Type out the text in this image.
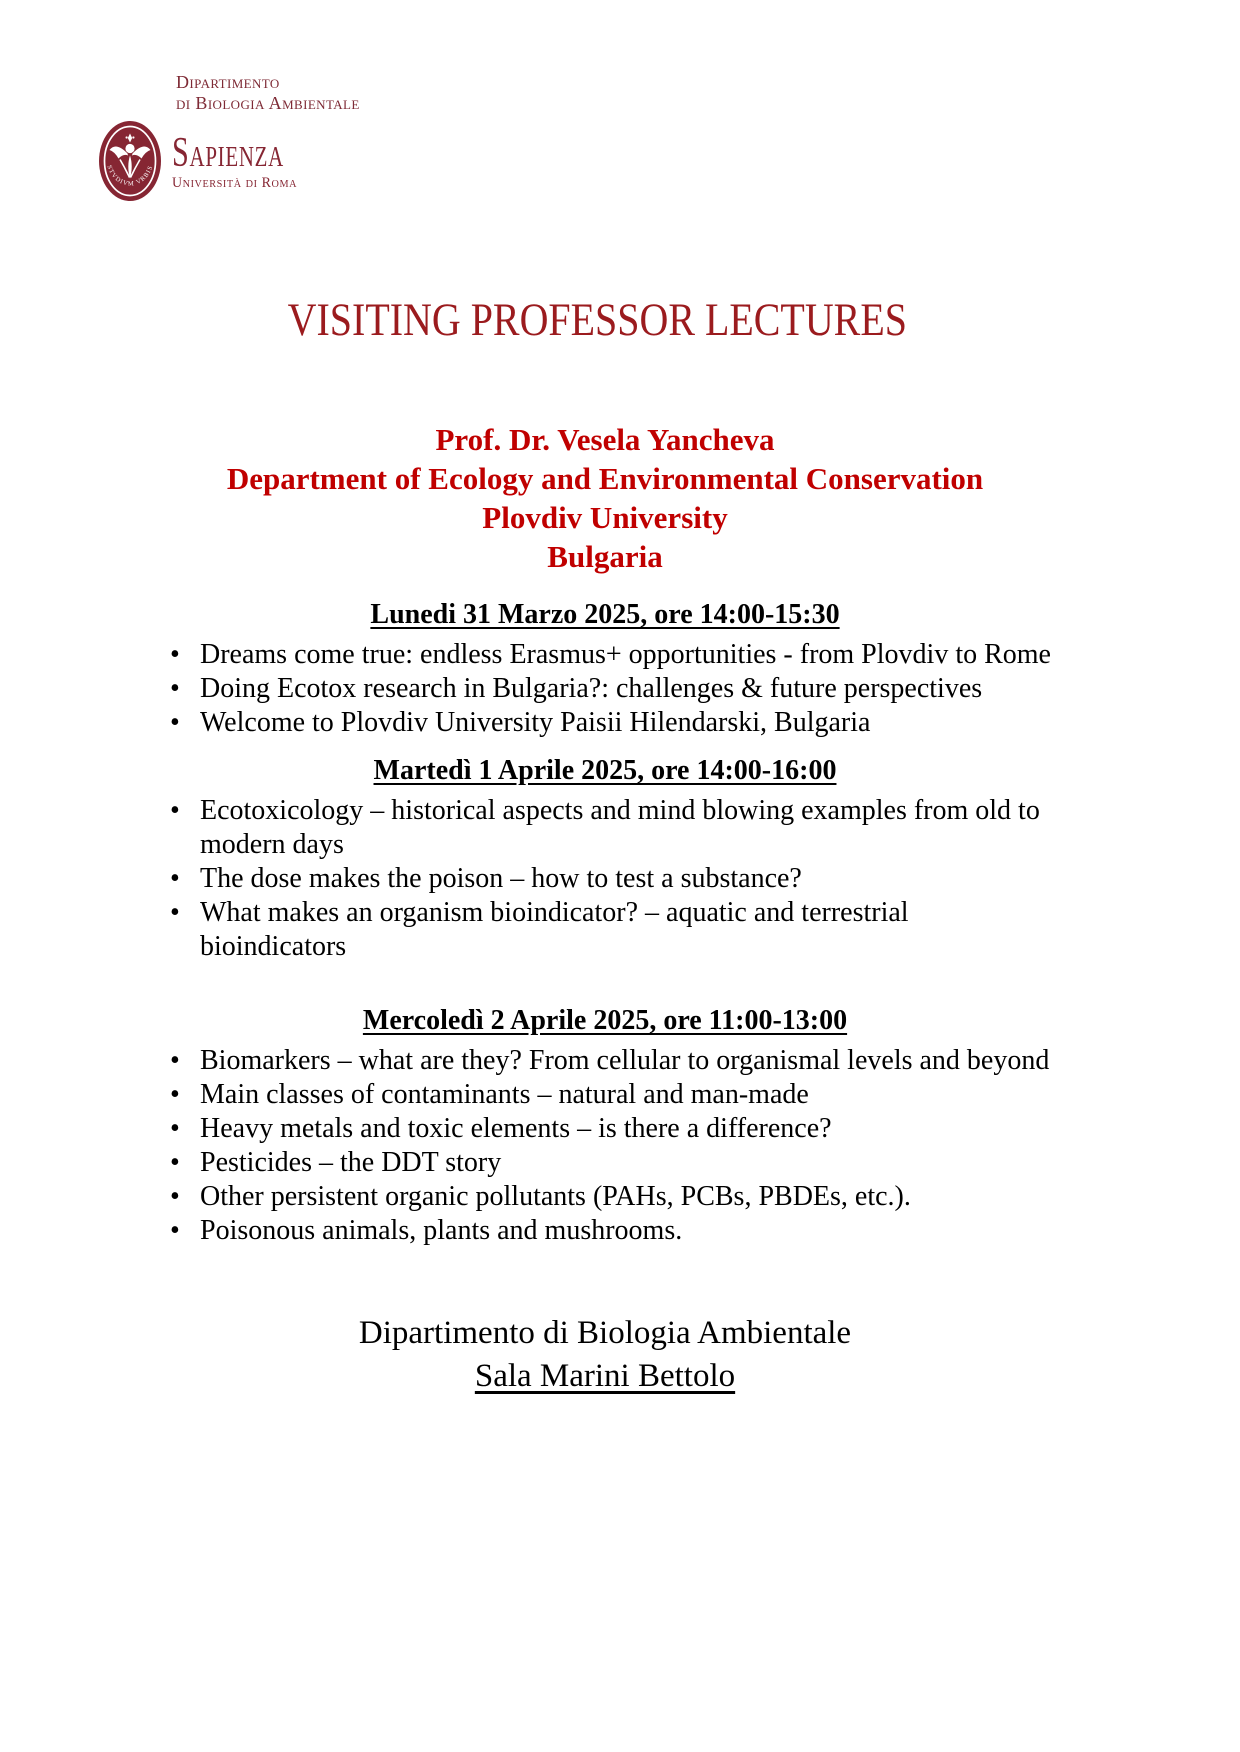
Dipartimento
di Biologia Ambientale
STVDIVM VRBIS Sapienza
Università di Roma
VISITING PROFESSOR LECTURES
Prof. Dr. Vesela Yancheva
Department of Ecology and Environmental Conservation
Plovdiv University
Bulgaria
Lunedi 31 Marzo 2025, ore 14:00-15:30
• Dreams come true: endless Erasmus+ opportunities - from Plovdiv to Rome
• Doing Ecotox research in Bulgaria?: challenges & future perspectives
• Welcome to Plovdiv University Paisii Hilendarski, Bulgaria
Martedì 1 Aprile 2025, ore 14:00-16:00
• Ecotoxicology – historical aspects and mind blowing examples from old to modern days
• The dose makes the poison – how to test a substance?
• What makes an organism bioindicator? – aquatic and terrestrial bioindicators
Mercoledì 2 Aprile 2025, ore 11:00-13:00
• Biomarkers – what are they? From cellular to organismal levels and beyond
• Main classes of contaminants – natural and man-made
• Heavy metals and toxic elements – is there a difference?
• Pesticides – the DDT story
• Other persistent organic pollutants (PAHs, PCBs, PBDEs, etc.).
• Poisonous animals, plants and mushrooms.
Dipartimento di Biologia Ambientale
Sala Marini Bettolo
